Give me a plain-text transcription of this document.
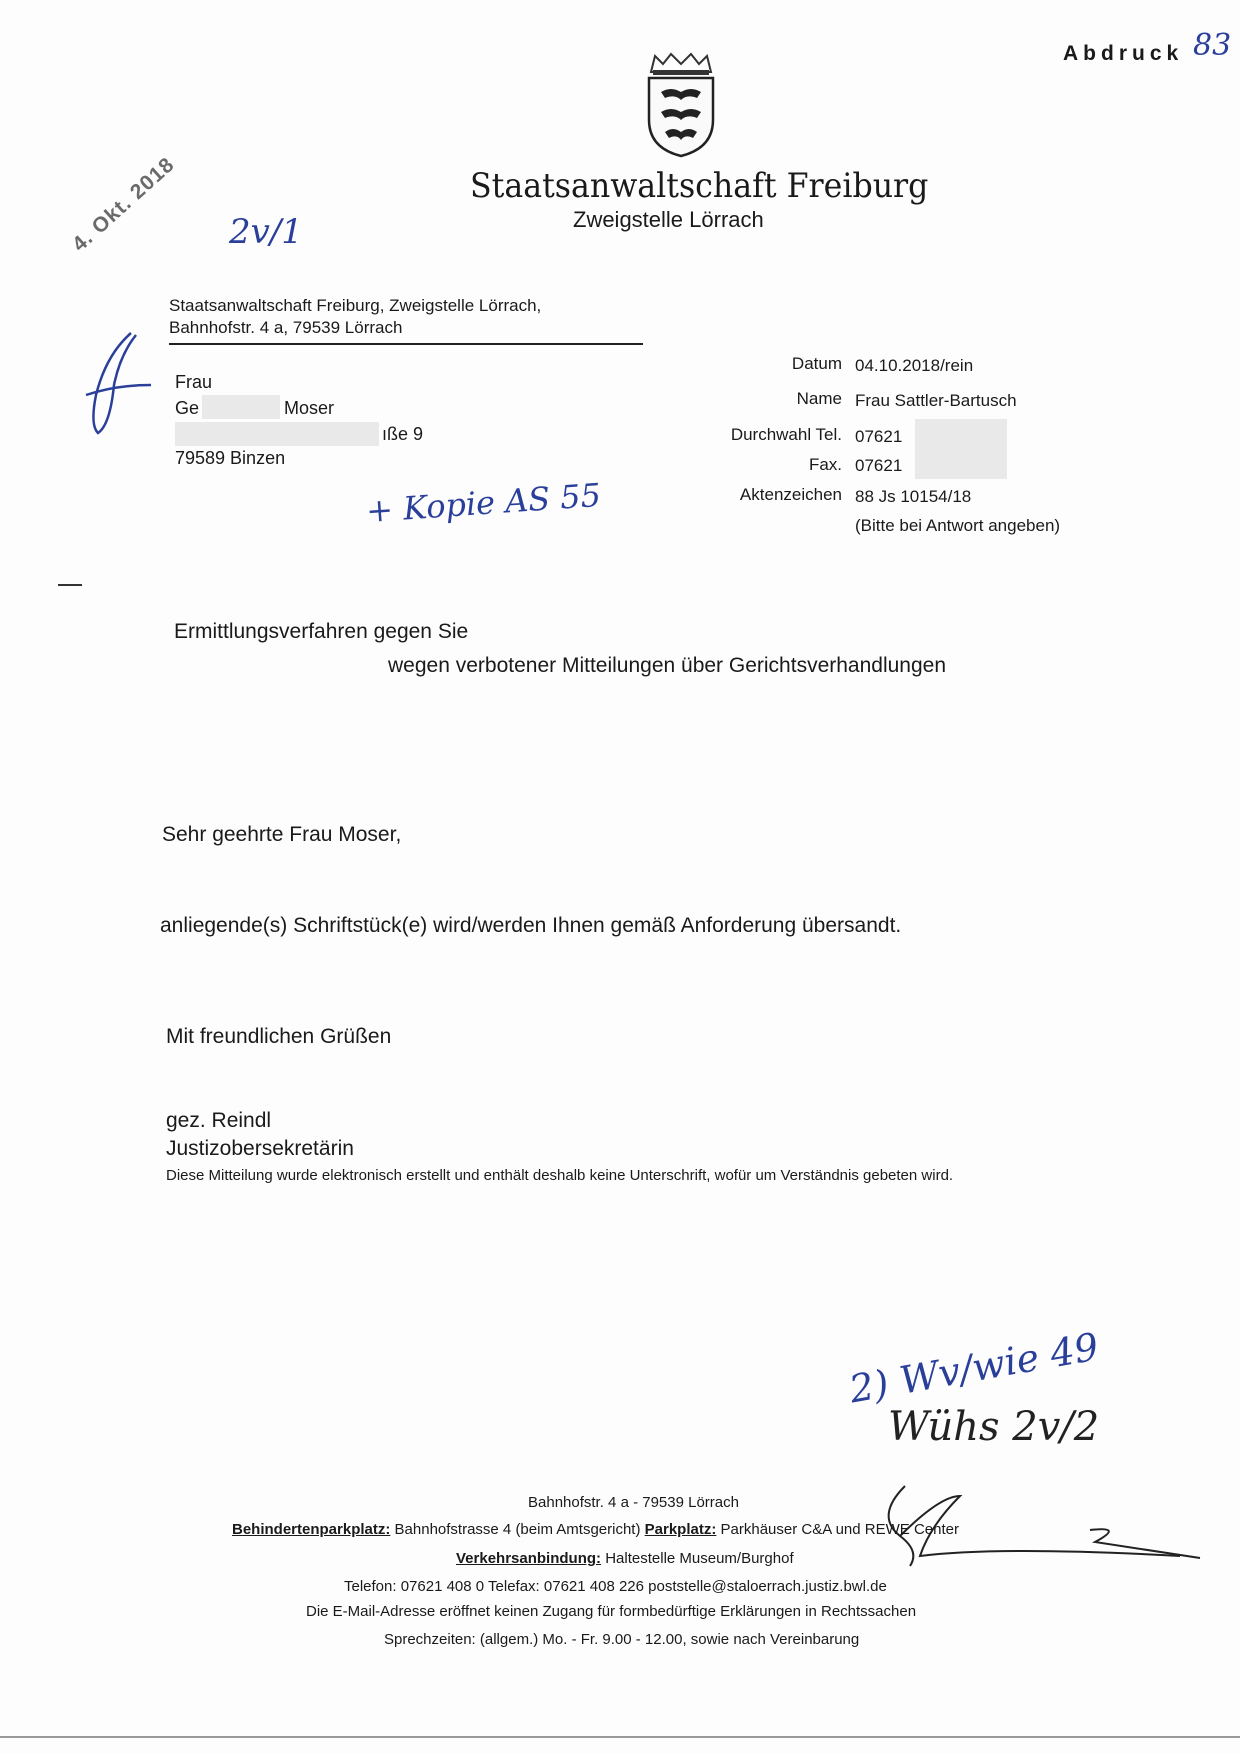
Abdruck 83
Staatsanwaltschaft Freiburg
Zweigstelle Lörrach
4. Okt. 2018 2v/1
Staatsanwaltschaft Freiburg, Zweigstelle Lörrach,
Bahnhofstr. 4 a, 79539 Lörrach
Frau
Ge	Moser
ıße 9
79589 Binzen
+ Kopie AS 55
Datum 04.10.2018/rein
Name Frau Sattler-Bartusch
Durchwahl Tel. 07621
Fax. 07621
Aktenzeichen 88 Js 10154/18
(Bitte bei Antwort angeben)
Ermittlungsverfahren gegen Sie
wegen verbotener Mitteilungen über Gerichtsverhandlungen
Sehr geehrte Frau Moser,
anliegende(s) Schriftstück(e) wird/werden Ihnen gemäß Anforderung übersandt.
Mit freundlichen Grüßen
gez. Reindl
Justizobersekretärin
Diese Mitteilung wurde elektronisch erstellt und enthält deshalb keine Unterschrift, wofür um Verständnis gebeten wird.
2) Wv/wie 49
Wühs 2v/2
Bahnhofstr. 4 a - 79539 Lörrach
Behindertenparkplatz: Bahnhofstrasse 4 (beim Amtsgericht) Parkplatz: Parkhäuser C&A und REWE Center
Verkehrsanbindung: Haltestelle Museum/Burghof
Telefon: 07621 408 0 Telefax: 07621 408 226 poststelle@staloerrach.justiz.bwl.de
Die E-Mail-Adresse eröffnet keinen Zugang für formbedürftige Erklärungen in Rechtssachen
Sprechzeiten: (allgem.) Mo. - Fr. 9.00 - 12.00, sowie nach Vereinbarung
